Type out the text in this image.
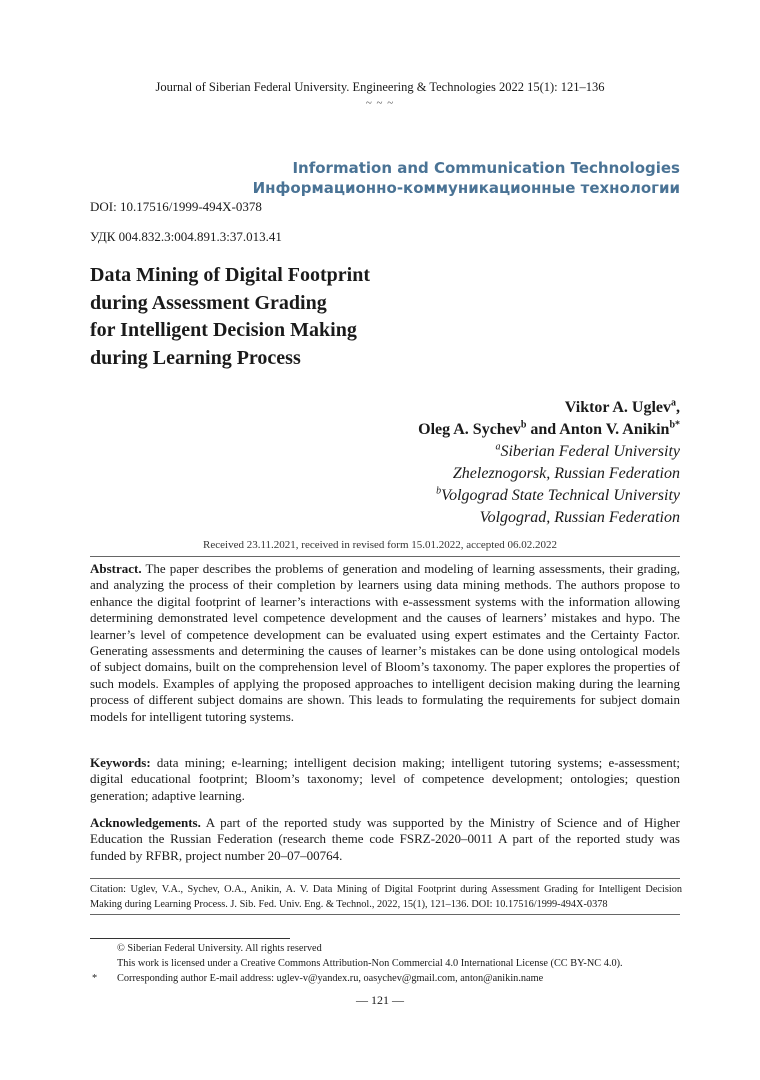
Journal of Siberian Federal University. Engineering & Technologies 2022 15(1): 121–136
~ ~ ~
Information and Communication Technologies
Информационно-коммуникационные технологии
DOI: 10.17516/1999-494X-0378
УДК 004.832.3:004.891.3:37.013.41
Data Mining of Digital Footprint
during Assessment Grading
for Intelligent Decision Making
during Learning Process
Viktor A. Uglev$^a$,
Oleg A. Sychev$^b$ and Anton V. Anikin$^{b*}$
$^a$Siberian Federal University
Zheleznogorsk, Russian Federation
$^b$Volgograd State Technical University
Volgograd, Russian Federation
Received 23.11.2021, received in revised form 15.01.2022, accepted 06.02.2022
Abstract. The paper describes the problems of generation and modeling of learning assessments, their grading, and analyzing the process of their completion by learners using data mining methods. The authors propose to enhance the digital footprint of learner’s interactions with e-assessment systems with the information allowing determining demonstrated level competence development and the causes of learners’ mistakes and hypo. The learner’s level of competence development can be evaluated using expert estimates and the Certainty Factor. Generating assessments and determining the causes of learner’s mistakes can be done using ontological models of subject domains, built on the comprehension level of Bloom’s taxonomy. The paper explores the properties of such models. Examples of applying the proposed approaches to intelligent decision making during the learning process of different subject domains are shown. This leads to formulating the requirements for subject domain models for intelligent tutoring systems.
Keywords: data mining; e-learning; intelligent decision making; intelligent tutoring systems; e-assessment; digital educational footprint; Bloom’s taxonomy; level of competence development; ontologies; question generation; adaptive learning.
Acknowledgements. A part of the reported study was supported by the Ministry of Science and of Higher Education the Russian Federation (research theme code FSRZ-2020–0011 A part of the reported study was funded by RFBR, project number 20–07–00764.
Citation: Uglev, V.A., Sychev, O.A., Anikin, A. V. Data Mining of Digital Footprint during Assessment Grading for Intelligent Decision Making during Learning Process. J. Sib. Fed. Univ. Eng. & Technol., 2022, 15(1), 121–136. DOI: 10.17516/1999-494X-0378
© Siberian Federal University. All rights reserved
This work is licensed under a Creative Commons Attribution-Non Commercial 4.0 International License (CC BY-NC 4.0).
* Corresponding author E-mail address: uglev-v@yandex.ru, oasychev@gmail.com, anton@anikin.name
— 121 —
